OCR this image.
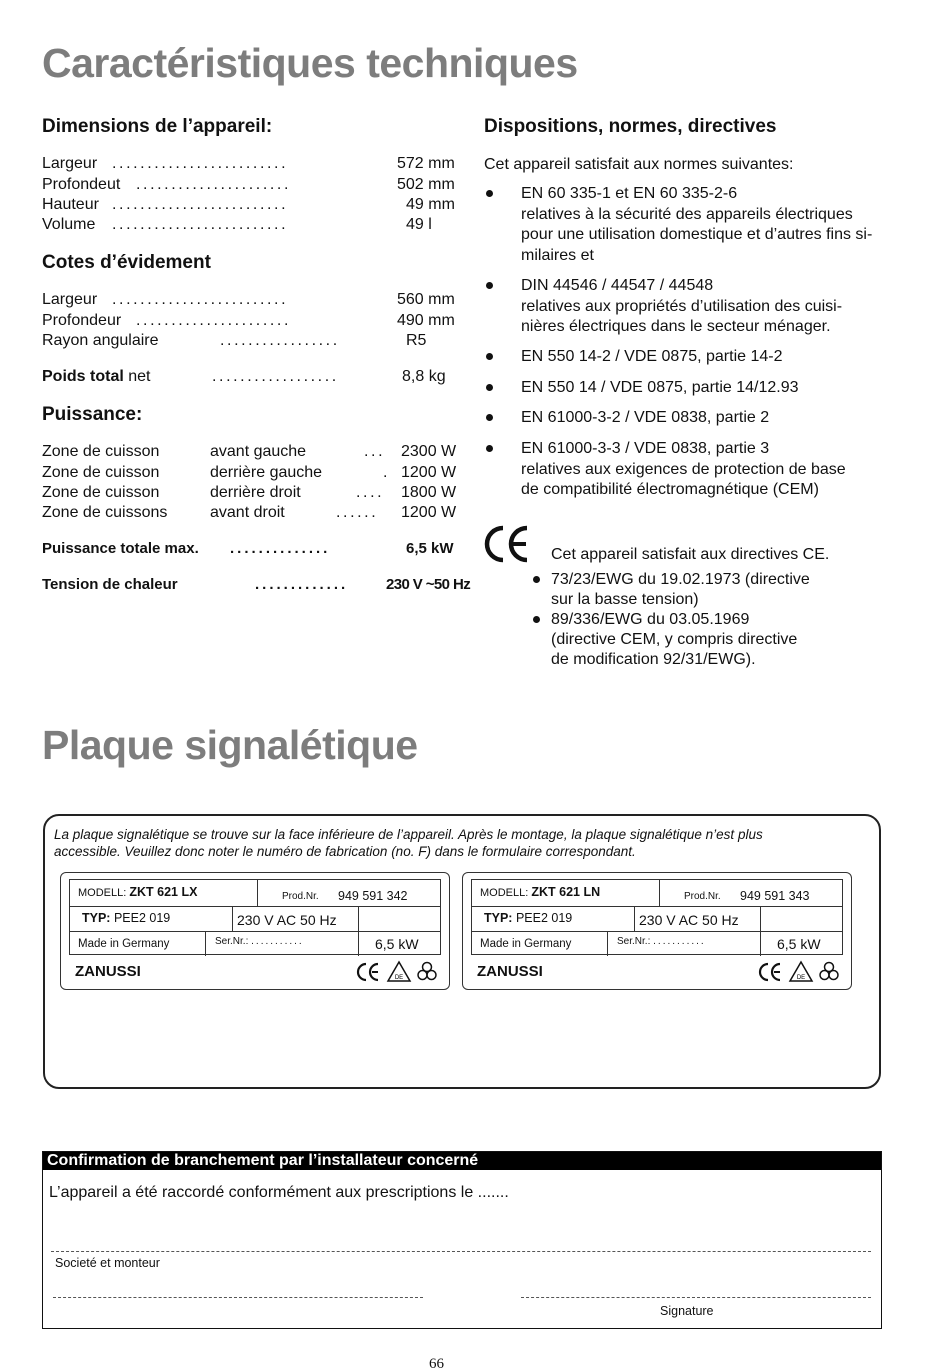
Caractéristiques techniques
Dimensions de l’appareil:
Largeur .........................	572 mm
Profondeut ......................	502 mm
Hauteur .........................	49 mm
Volume .........................	49 l
Cotes d’évidement
Largeur .........................	560 mm
Profondeur ......................	490 mm
Rayon angulaire	.................	R5
Poids total net	..................	8,8 kg
Puissance:
Zone de cuisson	avant gauche	... 2300 W
Zone de cuisson	derrière gauche	. 1200 W
Zone de cuisson	derrière droit	.... 1800 W
Zone de cuissons	avant droit	...... 1200 W
Puissance totale max. ..............	6,5 kW
Tension de chaleur	.............	230 V ~50 Hz
Dispositions, normes, directives
Cet appareil satisfait aux normes suivantes:
EN 60 335-1 et EN 60 335-2-6
relatives à la sécurité des appareils électriques
pour une utilisation domestique et d’autres fins si-
milaires et
DIN 44546 / 44547 / 44548
relatives aux propriétés d’utilisation des cuisi-
nières électriques dans le secteur ménager.
EN 550 14-2 / VDE 0875, partie 14-2
EN 550 14 / VDE 0875, partie 14/12.93
EN 61000-3-2 / VDE 0838, partie 2
EN 61000-3-3 / VDE 0838, partie 3
relatives aux exigences de protection de base
de compatibilité électromagnétique (CEM)
Cet appareil satisfait aux directives CE.
73/23/EWG du 19.02.1973 (directive
sur la basse tension)
89/336/EWG du 03.05.1969
(directive CEM, y compris directive
de modification 92/31/EWG).
Plaque signalétique
La plaque signalétique se trouve sur la face inférieure de l’appareil. Après le montage, la plaque signalétique n’est plus
accessible. Veuillez donc noter le numéro de fabrication (no. F) dans le formulaire correspondant.
MODELL: ZKT 621 LX	Prod.Nr. 949 591 342
TYP: PEE2 019	230 V AC 50 Hz
Made in Germany	Ser.Nr.: ...........	6,5 kW
ZANUSSI	DE
MODELL: ZKT 621 LN	Prod.Nr. 949 591 343
TYP: PEE2 019	230 V AC 50 Hz
Made in Germany	Ser.Nr.: ...........	6,5 kW
ZANUSSI	DE
Confirmation de branchement par l’installateur concerné
L’appareil a été raccordé conformément aux prescriptions le .......
Societé et monteur
Signature
66
